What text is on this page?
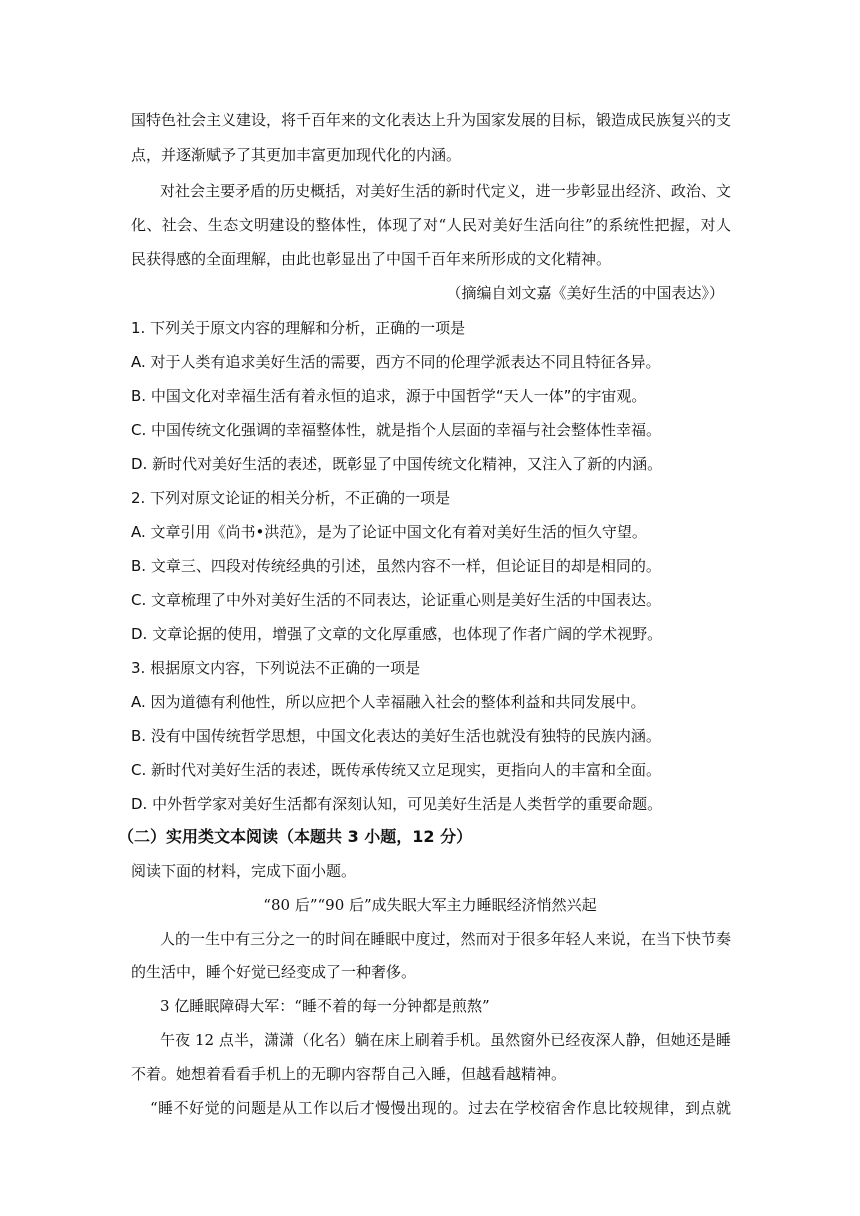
国特色社会主义建设，将千百年来的文化表达上升为国家发展的目标，锻造成民族复兴的支
点，并逐渐赋予了其更加丰富更加现代化的内涵。
对社会主要矛盾的历史概括，对美好生活的新时代定义，进一步彰显出经济、政治、文
化、社会、生态文明建设的整体性，体现了对“人民对美好生活向往”的系统性把握，对人
民获得感的全面理解，由此也彰显出了中国千百年来所形成的文化精神。
（摘编自刘文嘉《美好生活的中国表达》）
1. 下列关于原文内容的理解和分析，正确的一项是
A. 对于人类有追求美好生活的需要，西方不同的伦理学派表达不同且特征各异。
B. 中国文化对幸福生活有着永恒的追求，源于中国哲学“天人一体”的宇宙观。
C. 中国传统文化强调的幸福整体性，就是指个人层面的幸福与社会整体性幸福。
D. 新时代对美好生活的表述，既彰显了中国传统文化精神，又注入了新的内涵。
2. 下列对原文论证的相关分析，不正确的一项是
A. 文章引用《尚书•洪范》，是为了论证中国文化有着对美好生活的恒久守望。
B. 文章三、四段对传统经典的引述，虽然内容不一样，但论证目的却是相同的。
C. 文章梳理了中外对美好生活的不同表达，论证重心则是美好生活的中国表达。
D. 文章论据的使用，增强了文章的文化厚重感，也体现了作者广阔的学术视野。
3. 根据原文内容，下列说法不正确的一项是
A. 因为道德有利他性，所以应把个人幸福融入社会的整体利益和共同发展中。
B. 没有中国传统哲学思想，中国文化表达的美好生活也就没有独特的民族内涵。
C. 新时代对美好生活的表述，既传承传统又立足现实，更指向人的丰富和全面。
D. 中外哲学家对美好生活都有深刻认知，可见美好生活是人类哲学的重要命题。
（二）实用类文本阅读（本题共 3 小题，12 分）
阅读下面的材料，完成下面小题。
“80 后”“90 后”成失眠大军主力睡眠经济悄然兴起
人的一生中有三分之一的时间在睡眠中度过，然而对于很多年轻人来说，在当下快节奏
的生活中，睡个好觉已经变成了一种奢侈。
3 亿睡眠障碍大军：“睡不着的每一分钟都是煎熬”
午夜 12 点半，潇潇（化名）躺在床上刷着手机。虽然窗外已经夜深人静，但她还是睡
不着。她想着看看手机上的无聊内容帮自己入睡，但越看越精神。
“睡不好觉的问题是从工作以后才慢慢出现的。过去在学校宿舍作息比较规律，到点就
